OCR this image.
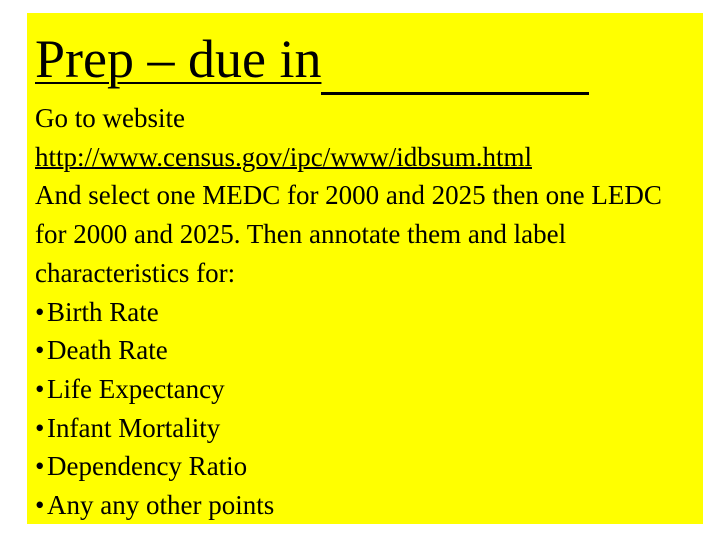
Prep – due in

Go to website

http://www.census.gov/ipc/www/idbsum.html

And select one MEDC for 2000 and 2025 then one LEDC for 2000 and 2025. Then annotate them and label characteristics for:

•Birth Rate
•Death Rate
•Life Expectancy
•Infant Mortality
•Dependency Ratio
•Any any other points
